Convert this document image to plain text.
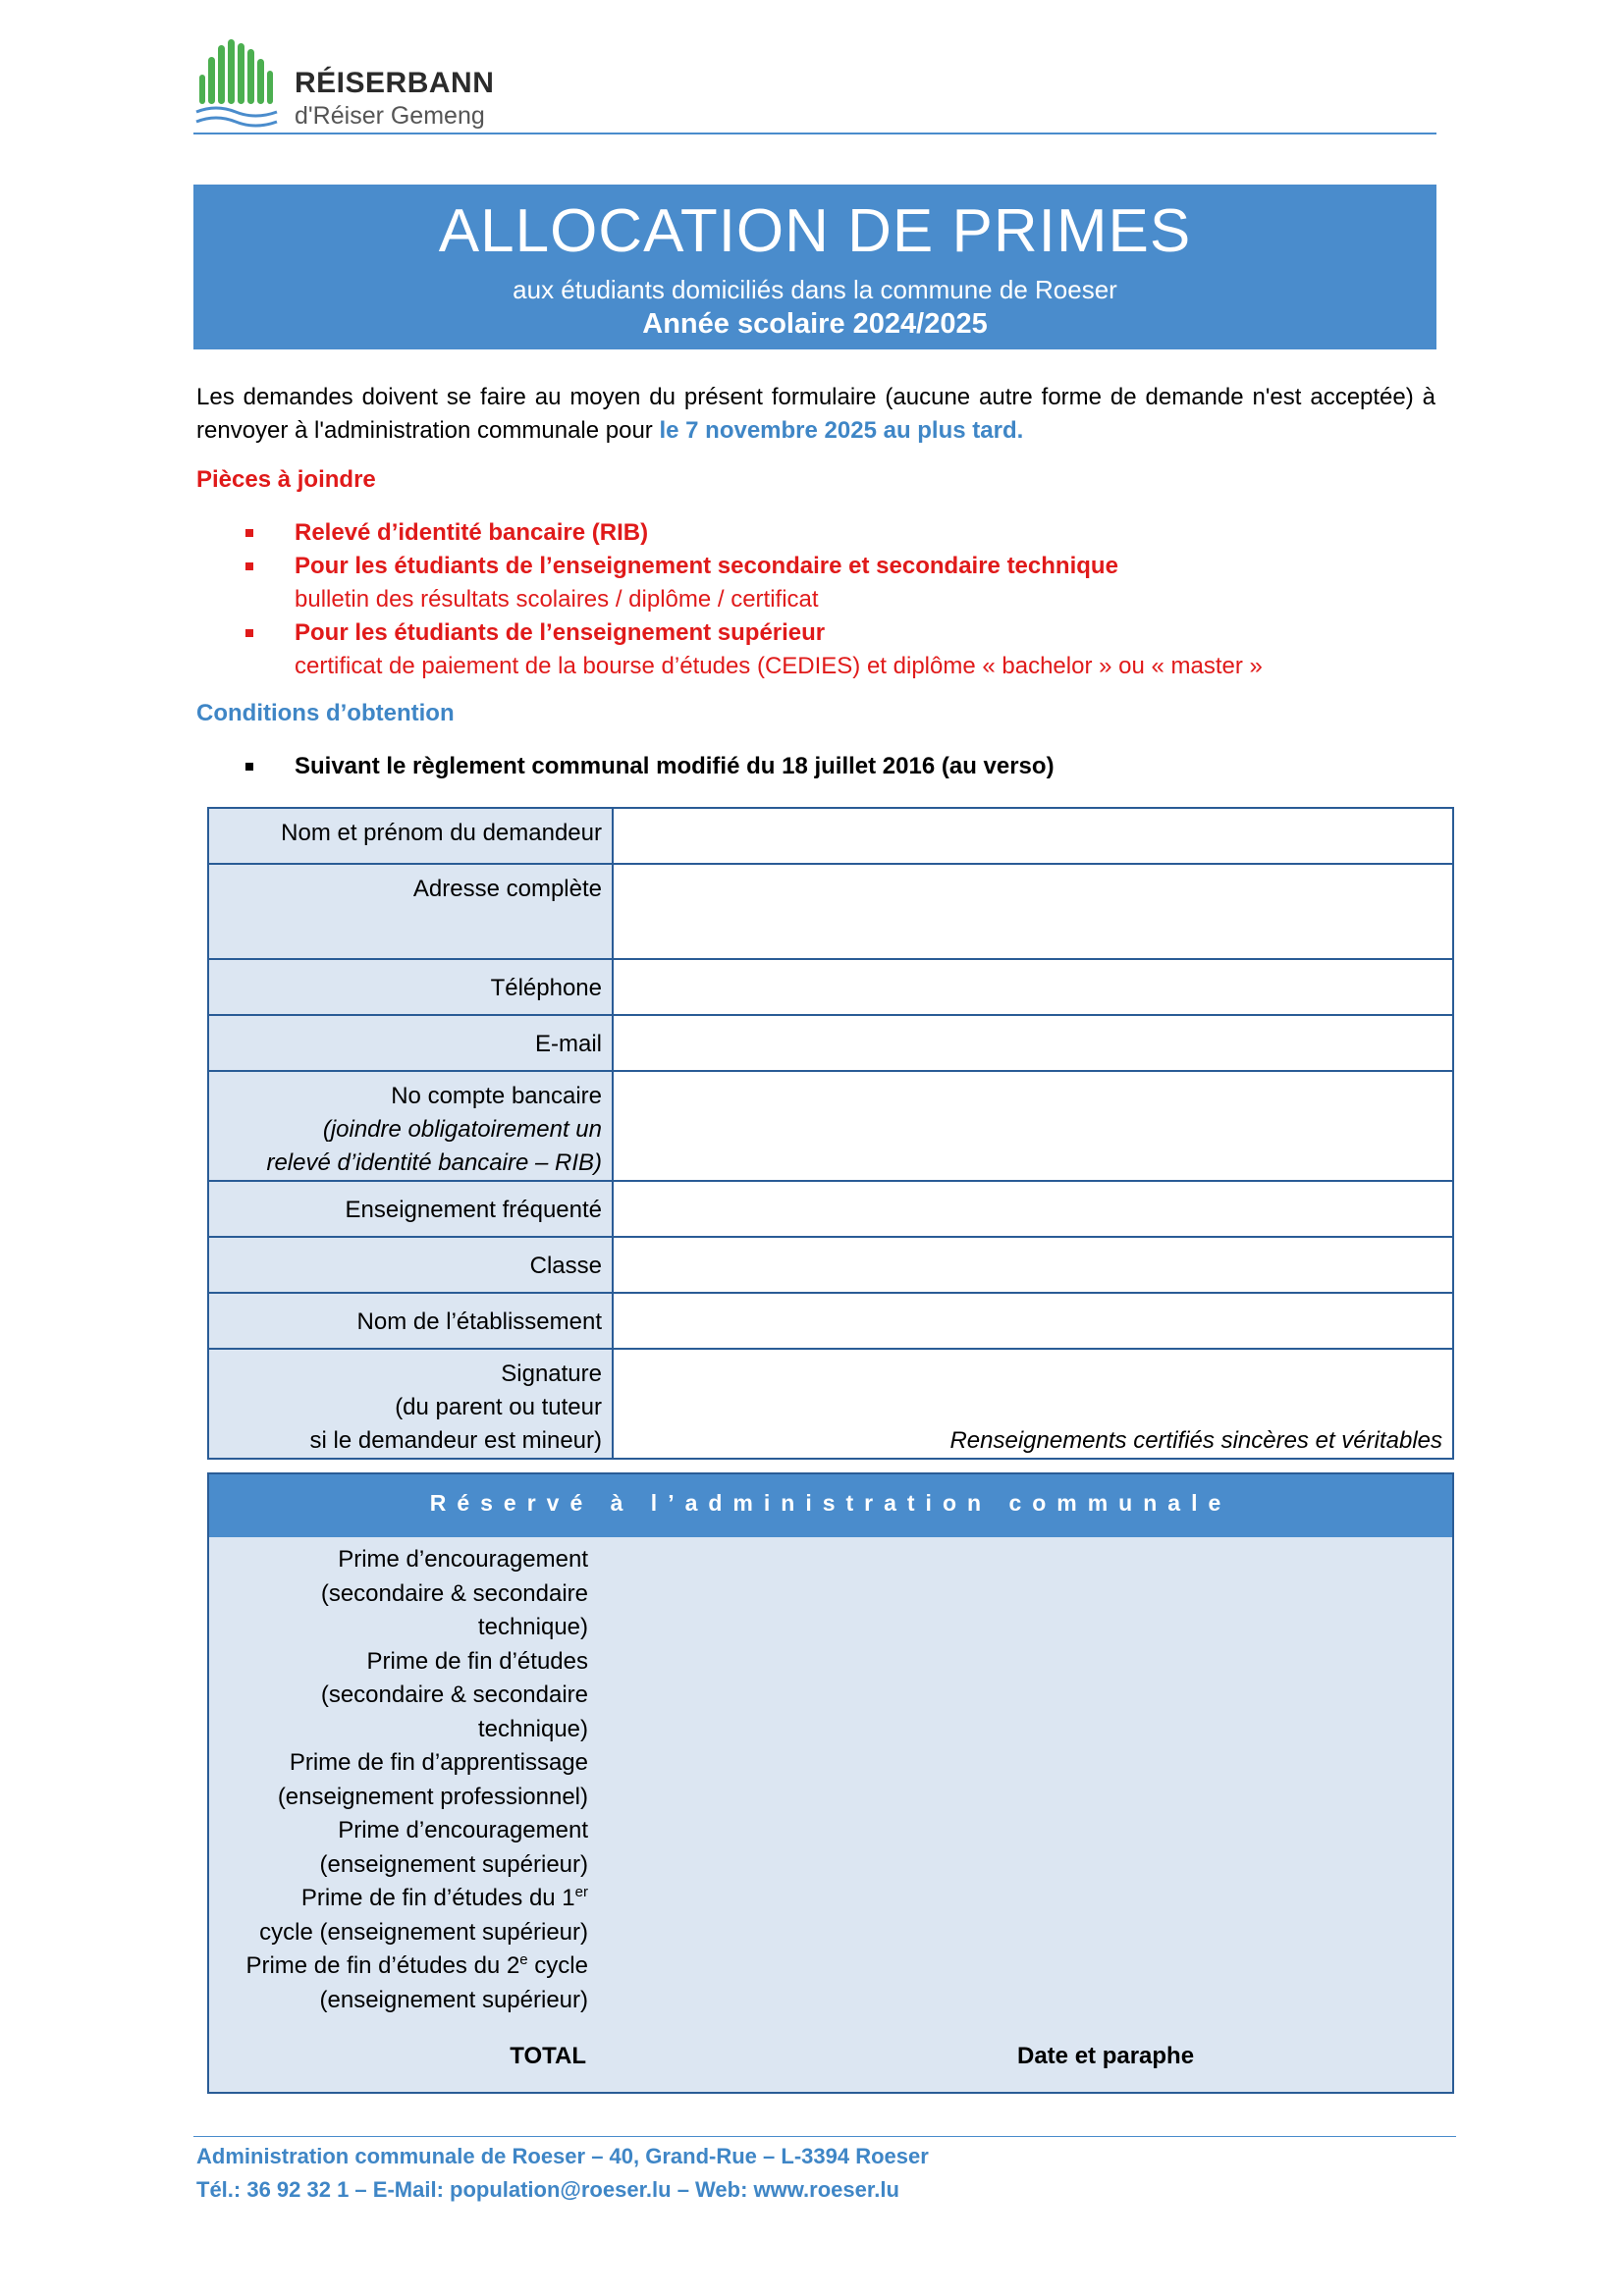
RÉISERBANN
d'Réiser Gemeng
ALLOCATION DE PRIMES
aux étudiants domiciliés dans la commune de Roeser
Année scolaire 2024/2025
Les demandes doivent se faire au moyen du présent formulaire (aucune autre forme de demande n'est acceptée) à renvoyer à l'administration communale pour le 7 novembre 2025 au plus tard.
Pièces à joindre
Relevé d’identité bancaire (RIB)
Pour les étudiants de l’enseignement secondaire et secondaire technique
bulletin des résultats scolaires / diplôme / certificat
Pour les étudiants de l’enseignement supérieur
certificat de paiement de la bourse d’études (CEDIES) et diplôme « bachelor » ou « master »
Conditions d’obtention
Suivant le règlement communal modifié du 18 juillet 2016 (au verso)
Nom et prénom du demandeur	
Adresse complète	
Téléphone	
E-mail	

No compte bancaire
(joindre obligatoirement un
relevé d’identité bancaire – RIB)	

Enseignement fréquenté	
Classe	
Nom de l’établissement	

Signature
(du parent ou tuteur
si le demandeur est mineur)	Renseignements certifiés sincères et véritables
Réservé à l’administration communale
Prime d’encouragement
(secondaire & secondaire
technique)
Prime de fin d’études
(secondaire & secondaire
technique)
Prime de fin d’apprentissage
(enseignement professionnel)
Prime d’encouragement
(enseignement supérieur)
Prime de fin d’études du 1er
cycle (enseignement supérieur)
Prime de fin d’études du 2e cycle
(enseignement supérieur)
TOTAL	Date et paraphe
Administration communale de Roeser – 40, Grand-Rue – L-3394 Roeser
Tél.: 36 92 32 1 – E-Mail: population@roeser.lu – Web: www.roeser.lu
